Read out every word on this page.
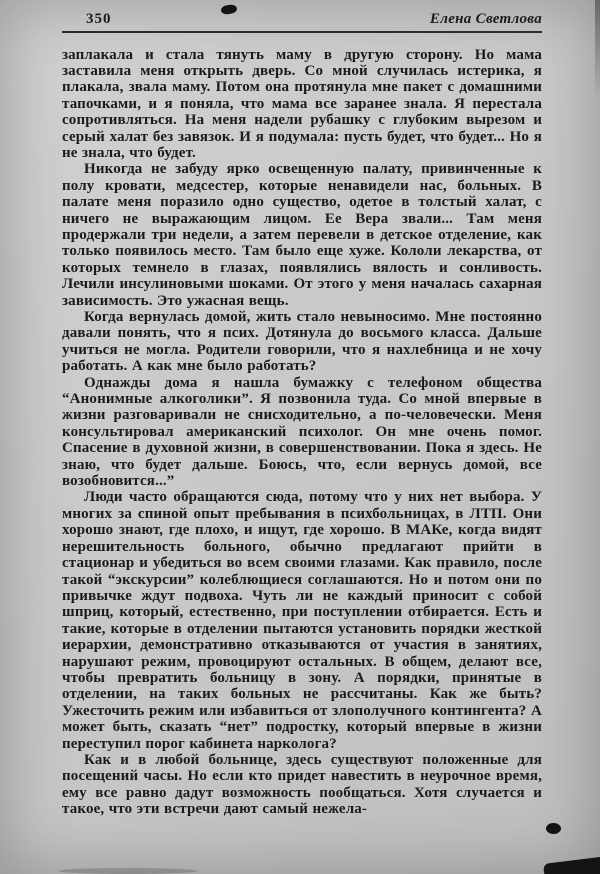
350	Елена Светлова

заплакала и стала тянуть маму в другую сторону. Но мама заставила меня открыть дверь. Со мной случилась истерика, я плакала, звала маму. Потом она протянула мне пакет с домашними тапочками, и я поняла, что мама все заранее знала. Я перестала сопротивляться. На меня надели рубашку с глубоким вырезом и серый халат без завязок. И я подумала: пусть будет, что будет... Но я не знала, что будет.

Никогда не забуду ярко освещенную палату, привинченные к полу кровати, медсестер, которые ненавидели нас, больных. В палате меня поразило одно существо, одетое в толстый халат, с ничего не выражающим лицом. Ее Вера звали... Там меня продержали три недели, а затем перевели в детское отделение, как только появилось место. Там было еще хуже. Кололи лекарства, от которых темнело в глазах, появлялись вялость и сонливость. Лечили инсулиновыми шоками. От этого у меня началась сахарная зависимость. Это ужасная вещь.

Когда вернулась домой, жить стало невыносимо. Мне постоянно давали понять, что я псих. Дотянула до восьмого класса. Дальше учиться не могла. Родители говорили, что я нахлебница и не хочу работать. А как мне было работать?

Однажды дома я нашла бумажку с телефоном общества “Анонимные алкоголики”. Я позвонила туда. Со мной впервые в жизни разговаривали не снисходительно, а по-человечески. Меня консультировал американский психолог. Он мне очень помог. Спасение в духовной жизни, в совершенствовании. Пока я здесь. Не знаю, что будет дальше. Боюсь, что, если вернусь домой, все возобновится...”

Люди часто обращаются сюда, потому что у них нет выбора. У многих за спиной опыт пребывания в психбольницах, в ЛТП. Они хорошо знают, где плохо, и ищут, где хорошо. В МАКе, когда видят нерешительность больного, обычно предлагают прийти в стационар и убедиться во всем своими глазами. Как правило, после такой “экскурсии” колеблющиеся соглашаются. Но и потом они по привычке ждут подвоха. Чуть ли не каждый приносит с собой шприц, который, естественно, при поступлении отбирается. Есть и такие, которые в отделении пытаются установить порядки жесткой иерархии, демонстративно отказываются от участия в занятиях, нарушают режим, провоцируют остальных. В общем, делают все, чтобы превратить больницу в зону. А порядки, принятые в отделении, на таких больных не рассчитаны. Как же быть? Ужесточить режим или избавиться от злополучного контингента? А может быть, сказать “нет” подростку, который впервые в жизни переступил порог кабинета нарколога?

Как и в любой больнице, здесь существуют положенные для посещений часы. Но если кто придет навестить в неурочное время, ему все равно дадут возможность пообщаться. Хотя случается и такое, что эти встречи дают самый нежела-
